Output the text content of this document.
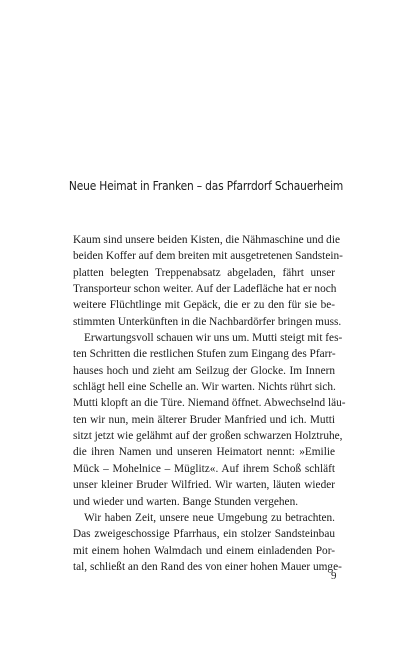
Neue Heimat in Franken – das Pfarrdorf Schauerheim
Kaum sind unsere beiden Kisten, die Nähmaschine und die
beiden Koffer auf dem breiten mit ausgetretenen Sandstein-
platten belegten Treppenabsatz abgeladen, fährt unser
Transporteur schon weiter. Auf der Ladefläche hat er noch
weitere Flüchtlinge mit Gepäck, die er zu den für sie be-
stimmten Unterkünften in die Nachbardörfer bringen muss.
Erwartungsvoll schauen wir uns um. Mutti steigt mit fes-
ten Schritten die restlichen Stufen zum Eingang des Pfarr-
hauses hoch und zieht am Seilzug der Glocke. Im Innern
schlägt hell eine Schelle an. Wir warten. Nichts rührt sich.
Mutti klopft an die Türe. Niemand öffnet. Abwechselnd läu-
ten wir nun, mein älterer Bruder Manfried und ich. Mutti
sitzt jetzt wie gelähmt auf der großen schwarzen Holztruhe,
die ihren Namen und unseren Heimatort nennt: »Emilie
Mück – Mohelnice – Müglitz«. Auf ihrem Schoß schläft
unser kleiner Bruder Wilfried. Wir warten, läuten wieder
und wieder und warten. Bange Stunden vergehen.
Wir haben Zeit, unsere neue Umgebung zu betrachten.
Das zweigeschossige Pfarrhaus, ein stolzer Sandsteinbau
mit einem hohen Walmdach und einem einladenden Por-
tal, schließt an den Rand des von einer hohen Mauer umge-
9
